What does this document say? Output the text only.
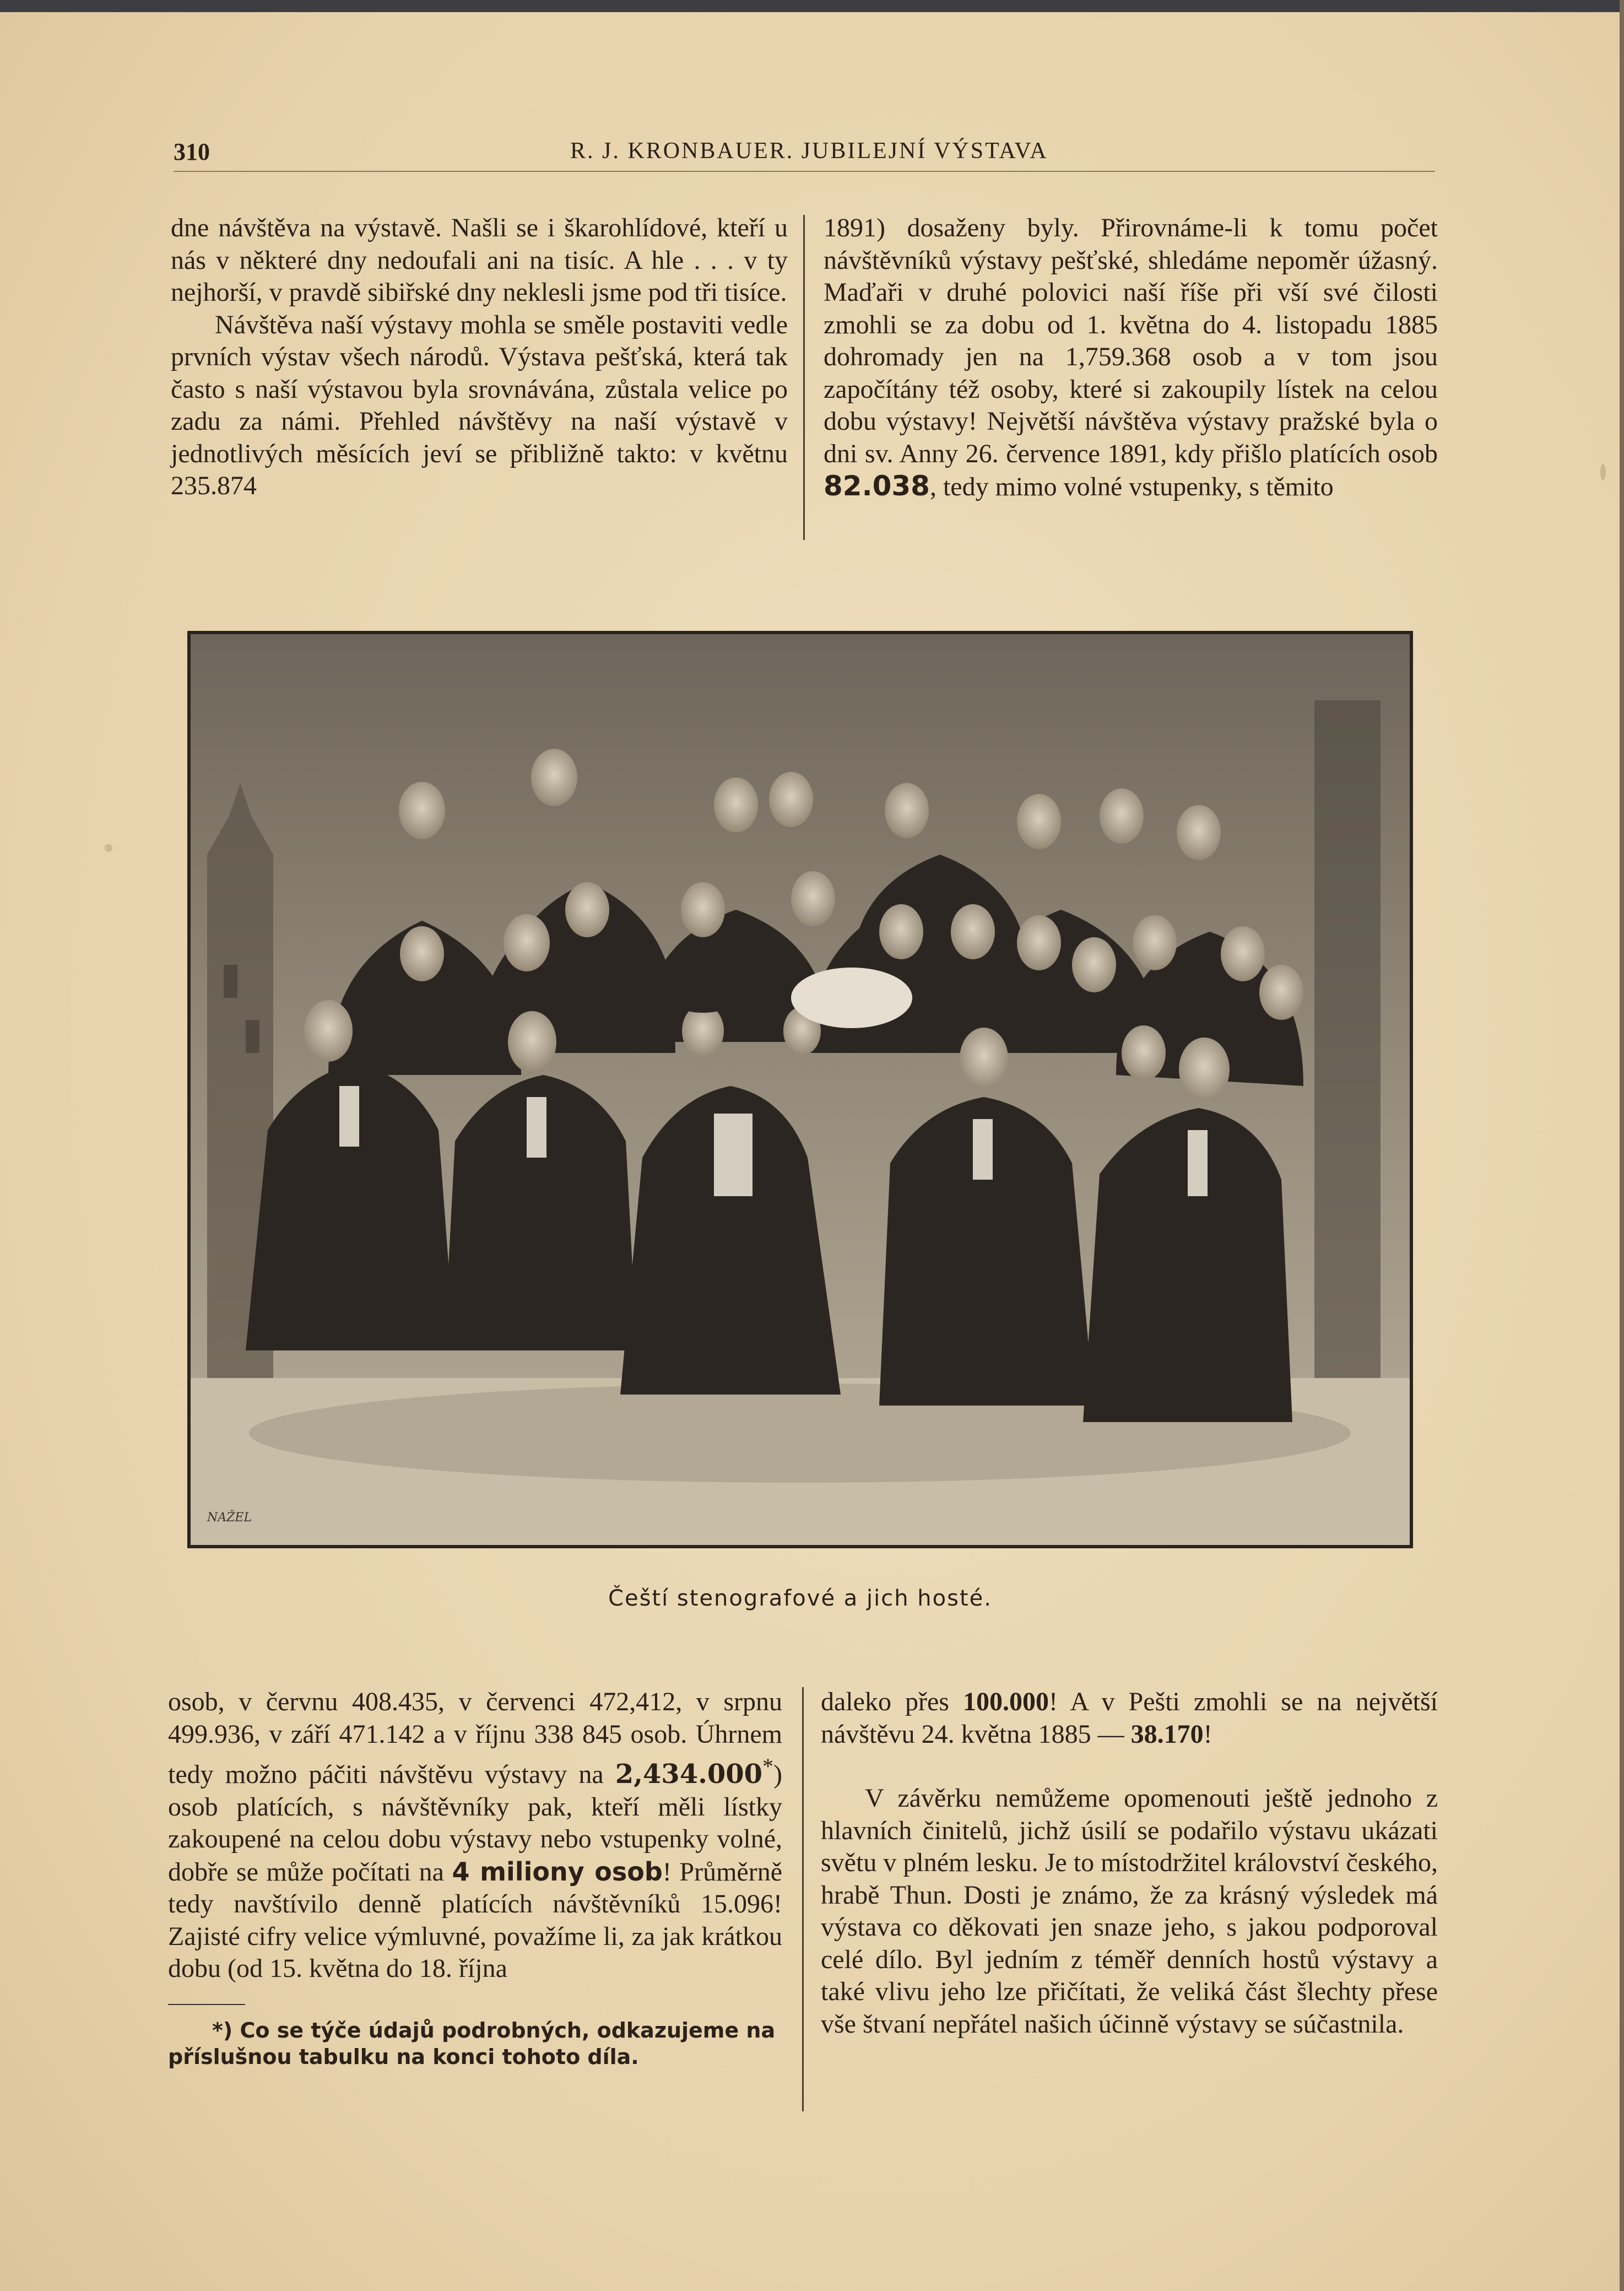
310	R. J. KRONBAUER. JUBILEJNÍ VÝSTAVA

dne návštěva na výstavě. Našli se i škarohlídové, kteří u nás v některé dny nedoufali ani na tisíc. A hle . . . v ty nejhorší, v pravdě sibiřské dny neklesli jsme pod tři tisíce.

Návštěva naší výstavy mohla se směle postaviti vedle prvních výstav všech národů. Výstava pešťská, která tak často s naší výstavou byla srovnávána, zůstala velice po zadu za námi. Přehled návštěvy na naší výstavě v jednotlivých měsících jeví se přibližně takto: v květnu 235.874

1891) dosaženy byly. Přirovnáme-li k tomu počet návštěvníků výstavy pešťské, shledáme nepoměr úžasný. Maďaři v druhé polovici naší říše při vší své čilosti zmohli se za dobu od 1. května do 4. listopadu 1885 dohromady jen na 1,759.368 osob a v tom jsou započítány též osoby, které si zakoupily lístek na celou dobu výstavy! Největší návštěva výstavy pražské byla o dni sv. Anny 26. července 1891, kdy přišlo platících osob 82.038, tedy mimo volné vstupenky, s těmito

NAŽEL
Čeští stenografové a jich hosté.

osob, v červnu 408.435, v červenci 472,412, v srpnu 499.936, v září 471.142 a v říjnu 338 845 osob. Úhrnem tedy možno páčiti návštěvu výstavy na 2,434.000*) osob platících, s návštěvníky pak, kteří měli lístky zakoupené na celou dobu výstavy nebo vstupenky volné, dobře se může počítati na 4 miliony osob! Průměrně tedy navštívilo denně platících návštěvníků 15.096! Zajisté cifry velice výmluvné, považíme li, za jak krátkou dobu (od 15. května do 18. října

*) Co se týče údajů podrobných, odkazujeme na příslušnou tabulku na konci tohoto díla.

daleko přes 100.000! A v Pešti zmohli se na největší návštěvu 24. května 1885 — 38.170!

V závěrku nemůžeme opomenouti ještě jednoho z hlavních činitelů, jichž úsilí se podařilo výstavu ukázati světu v plném lesku. Je to místodržitel království českého, hrabě Thun. Dosti je známo, že za krásný výsledek má výstava co děkovati jen snaze jeho, s jakou podporoval celé dílo. Byl jedním z téměř denních hostů výstavy a také vlivu jeho lze přičítati, že veliká část šlechty přese vše štvaní nepřátel našich účinně výstavy se súčastnila.
